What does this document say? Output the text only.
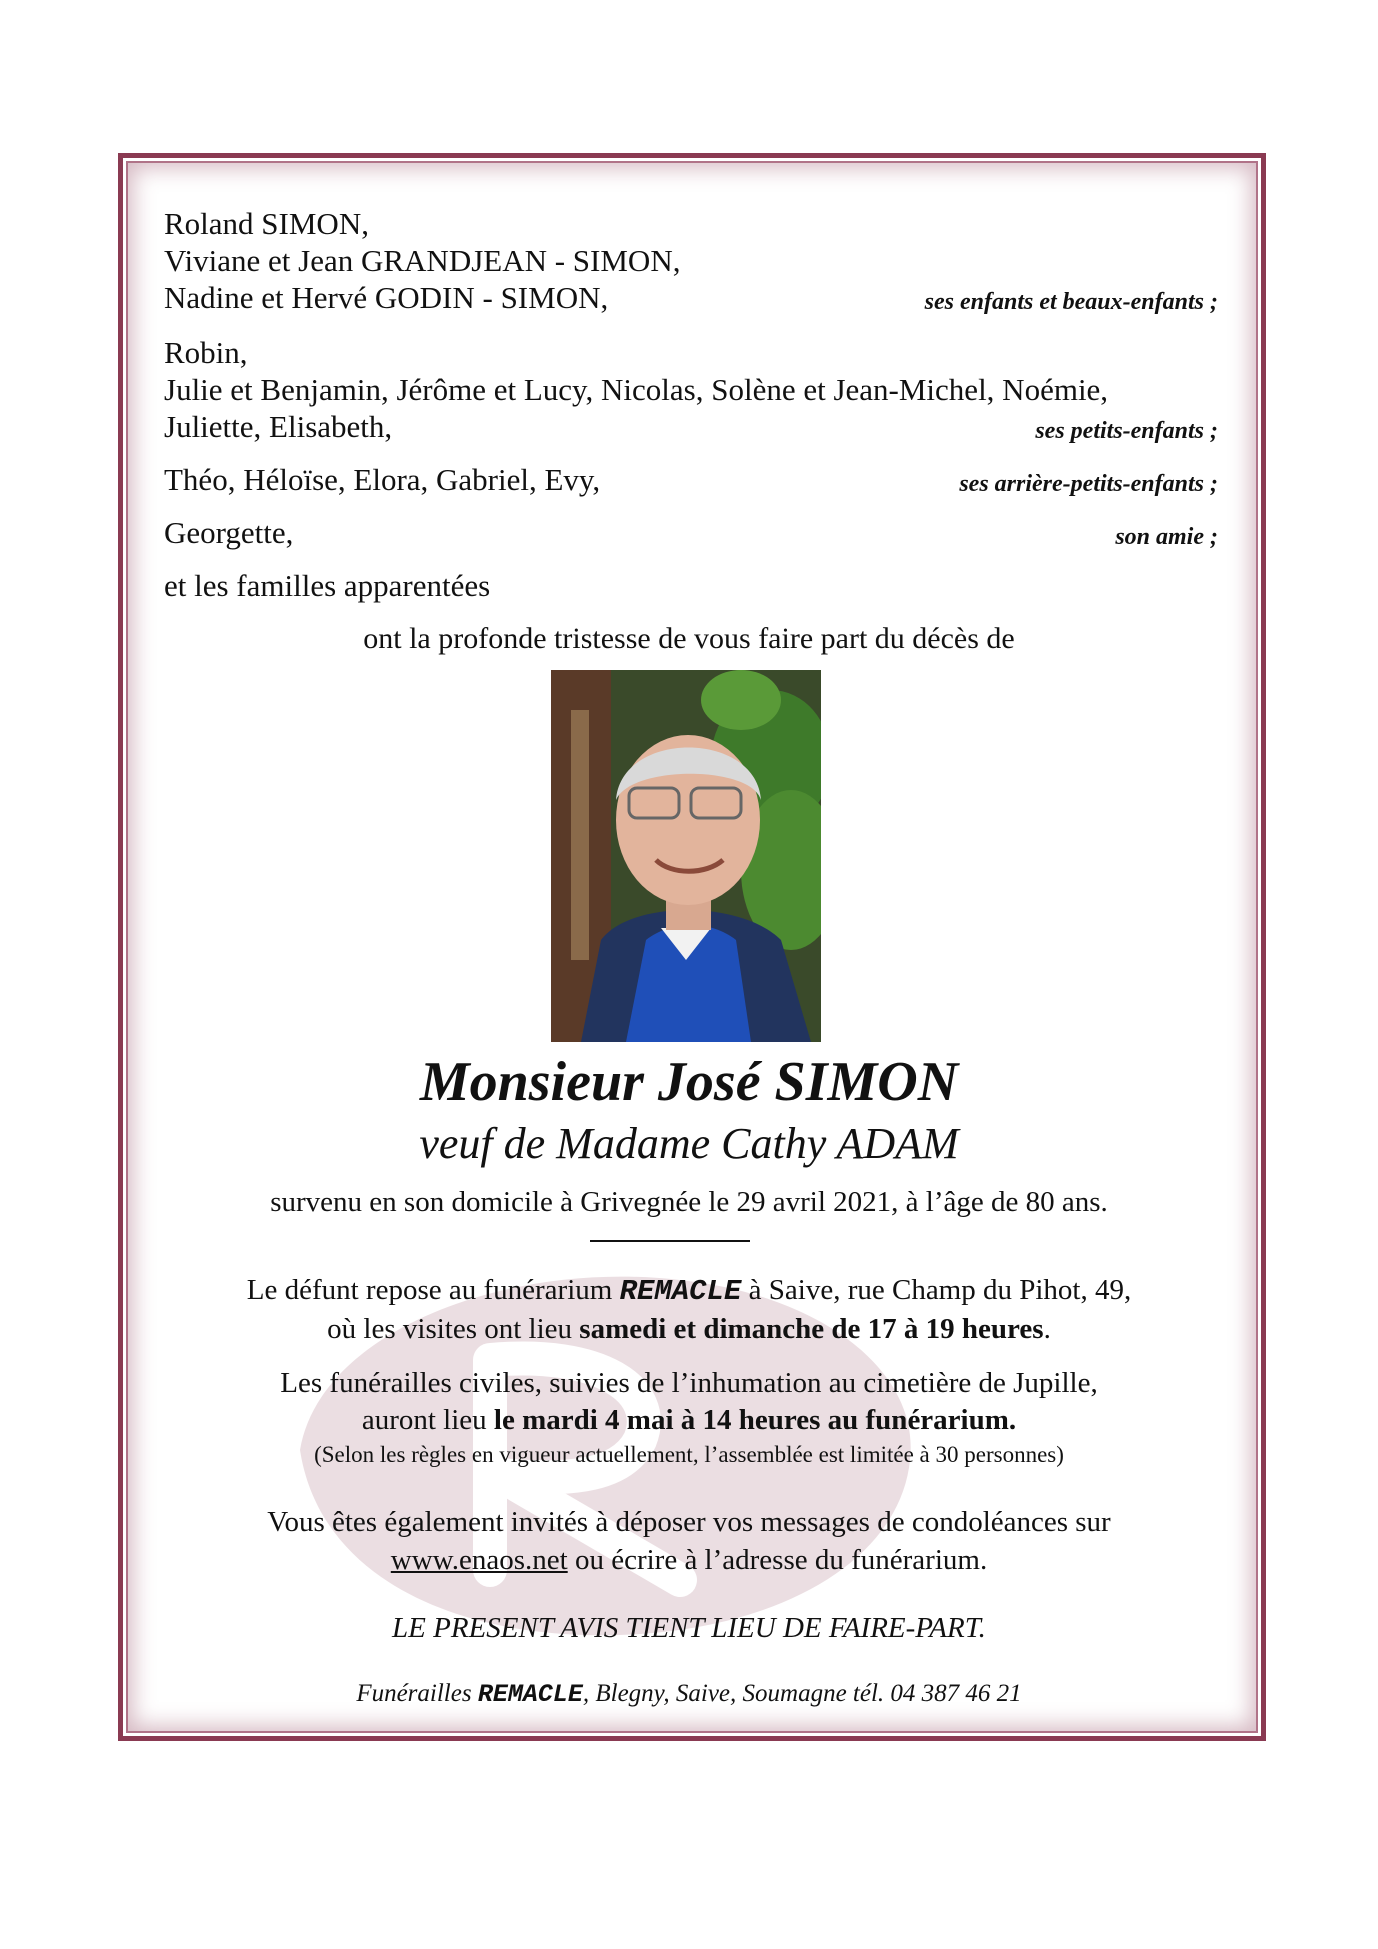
Roland SIMON,
Viviane et Jean GRANDJEAN - SIMON,
Nadine et Hervé GODIN - SIMON,	ses enfants et beaux-enfants ;
Robin,
Julie et Benjamin, Jérôme et Lucy, Nicolas, Solène et Jean-Michel, Noémie,
Juliette, Elisabeth,	ses petits-enfants ;
Théo, Héloïse, Elora, Gabriel, Evy,	ses arrière-petits-enfants ;
Georgette,	son amie ;
et les familles apparentées
ont la profonde tristesse de vous faire part du décès de
Monsieur José SIMON
veuf de Madame Cathy ADAM
survenu en son domicile à Grivegnée le 29 avril 2021, à l’âge de 80 ans.
Le défunt repose au funérarium REMACLE à Saive, rue Champ du Pihot, 49,
où les visites ont lieu samedi et dimanche de 17 à 19 heures.
Les funérailles civiles, suivies de l’inhumation au cimetière de Jupille,
auront lieu le mardi 4 mai à 14 heures au funérarium.
(Selon les règles en vigueur actuellement, l’assemblée est limitée à 30 personnes)
Vous êtes également invités à déposer vos messages de condoléances sur
www.enaos.net ou écrire à l’adresse du funérarium.
LE PRESENT AVIS TIENT LIEU DE FAIRE-PART.
Funérailles REMACLE, Blegny, Saive, Soumagne tél. 04 387 46 21
